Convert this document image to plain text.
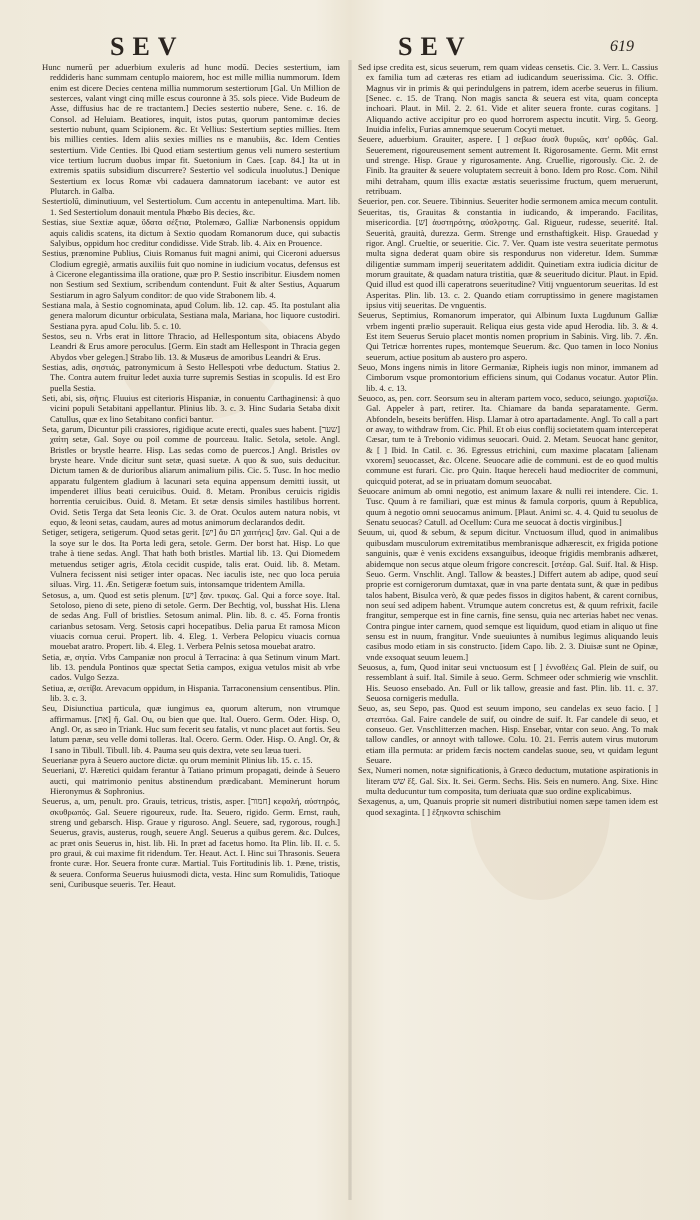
SEV	SEV	619

Hunc numerū per aduerbium exuleris ad hunc modū. Decies sestertium, iam reddideris hanc summam centuplo maiorem, hoc est mille millia nummorum. Idem enim est dicere Decies centena millia nummorum sestertiorum [Gal. Un Million de sesterces, valant vingt cinq mille escus couronne à 35. sols piece. Vide Budeum de Asse, diffusius hac de re tractantem.] Decies sestertio nubere, Sene. c. 16. de Consol. ad Heluiam. Beatiores, inquit, istos putas, quorum pantomimæ decies sestertio nubunt, quam Scipionem. &c. Et Vellius: Sestertium septies millies. Item bis millies centies. Idem aliis sexies millies ns e manubiis, &c. Idem Centies sestertium. Vide Centies. Ibi Quod etiam sestertium genus veli numero sestertium vice tertium lucrum duobus impar fit. Suetonium in Caes. [cap. 84.] Ita ut in extremis spatiis subsidium discurrere? Sestertio vel sodicula inuolutus.] Denique Sestertium ex locus Romæ vbi cadauera damnatorum iacebant: ve autor est Plutarch. in Galba.

Sestertiolū, diminutiuum, vel Sestertiolum. Cum accentu in antepenultima. Mart. lib. 1. Sed Sestertiolum donauit mentula Phœbo Bis decies, &c.

Sestias, siue Sextiæ aquæ, ὕδατα σέξτια, Ptolemæo, Galliæ Narbonensis oppidum aquis calidis scatens, ita dictum à Sextio quodam Romanorum duce, qui subactis Salyibus, oppidum hoc creditur condidisse. Vide Strab. lib. 4. Aix en Prouence.

Sestius, prænomine Publius, Ciuis Romanus fuit magni animi, qui Ciceroni aduersus Clodium egregiè, armatis auxiliis fuit quo nomine in iudicium vocatus, defensus est à Cicerone elegantissima illa oratione, quæ pro P. Sestio inscribitur. Eiusdem nomen non Sestium sed Sextium, scribendum contendunt. Fuit & alter Sestius, Aquarum Sestiarum in agro Salyum conditor: de quo vide Strabonem lib. 4.

Sestiana mala, à Sestio cognominata, apud Colum. lib. 12. cap. 45. Ita postulant alia genera malorum dicuntur orbiculata, Sestiana mala, Mariana, hoc liquore custodiri. Sestiana pyra. apud Colu. lib. 5. c. 10.

Sestos, seu n. Vrbs erat in littore Thracio, ad Hellespontum sita, obiacens Abydo Leandri & Erus amore peroculus. [Germ. Ein stadt am Hellespont in Thracia gegen Abydos vber gelegen.] Strabo lib. 13. & Musæus de amoribus Leandri & Erus.

Sestias, adis, σηστιάς, patronymicum à Sesto Hellespoti vrbe deductum. Statius 2. The. Contra autem fruitur ledet auxia turre supremis Sestias in scopulis. Id est Ero puella Sestia.

Seti, abi, sis, σῆτις. Fluuius est citerioris Hispaniæ, in conuentu Carthaginensi: à quo vicini populi Setabitani appellantur. Plinius lib. 3. c. 3. Hinc Sudaria Setaba dixit Catullus, quæ ex lino Setabitano confici bantur.

Seta, garum, Dicuntur pili crassiores, rigidique acute erecti, quales sues habent. [שער] χαίτη setæ, Gal. Soye ou poil comme de pourceau. Italic. Setola, setole. Angl. Bristles or brystle hearre. Hisp. Las sedas como de puercos.] Angl. Bristles ov bryste heare. Vnde dicitur sunt setæ, quasi suetæ. A quo & suo, suis deducitur. Dictum tamen & de durioribus aliarum animalium pilis. Cic. 5. Tusc. In hoc medio apparatu fulgentem gladium à lacunari seta equina appensum demitti iussit, ut impenderet illius beati ceruicibus. Ouid. 8. Metam. Pronibus ceruicis rigidis horrentia ceruicibus. Ouid. 8. Metam. Et setæ densis similes hastilibus horrent. Ovid. Setis Terga dat Seta leonis Cic. 3. de Orat. Oculos autem natura nobis, vt equo, & leoni setas, caudam, aures ad motus animorum declarandos dedit.

Setiger, setigera, setigerum. Quod setas gerit. [יש] ἄυ הם χαιτήεις] ξαν. Gal. Qui a de la soye sur le dos. Ita Porta ledi gera, setole. Germ. Der borst hat. Hisp. Lo que trahe à tiene sedas. Angl. That hath both bristles. Martial lib. 13. Qui Diomedem metuendus setiger agris, Ætola cecidit cuspide, talis erat. Ouid. lib. 8. Metam. Vulnera fecissent nisi setiger inter opacas. Nec iaculis iste, nec quo loca peruia siluas. Virg. 11. Æn. Setigeræ foetum suis, intonsamque tridentem Amilla.

Setosus, a, um. Quod est setis plenum. [יש] ξαν. τρικας. Gal. Qui a force soye. Ital. Setoloso, pieno di sete, pieno di setole. Germ. Der Bechtig, vol, busshat His. Llena de sedas Ang. Full of bristlies. Setosum animal. Plin. lib. 8. c. 45. Forna frontis carianbus setosam. Verg. Setosis capri hocepatibus. Delia parua Et ramosa Micon viuacis cornua cerui. Propert. lib. 4. Eleg. 1. Verbera Pelopicu viuacis cornua mouebat aratro. Propert. lib. 4. Eleg. 1. Verbera Pelnis setosa mouebat aratro.

Setia, æ, σητία. Vrbs Campaniæ non procul à Terracina: à qua Setinum vinum Mart. lib. 13. pendula Pontinos quæ spectat Setia campos, exigua vetulos misit ab vrbe cados. Vulgo Sezza.

Setiua, æ, σετίβα. Arevacum oppidum, in Hispania. Tarraconensium censentibus. Plin. lib. 3. c. 3.

Seu, Disiunctiua particula, quæ iungimus ea, quorum alterum, non vtrumque affirmamus. [את] ἤ. Gal. Ou, ou bien que que. Ital. Ouero. Germ. Oder. Hisp. O, Angl. Or, as sæo in Triank. Huc sum fecerit seu fatalis, vt nunc placet aut fortis. Seu latum pænæ, seu velle domi tolleras. Ital. Ocero. Germ. Oder. Hisp. O. Angl. Or, & I sano in Tibull. Tibull. lib. 4. Pauma seu quis dextra, vete seu læua tueri.

Seuerianæ pyra à Seuero auctore dictæ. qu orum meminit Plinius lib. 15. c. 15.

Seueriani, שׁ. Hæretici quidam ferantur à Tatiano primum propagati, deinde à Seuero aucti, qui matrimonio penitus abstinendum prædicabant. Meminerunt horum Hieronymus & Sophronius.

Seuerus, a, um, penult. pro. Grauis, tetricus, tristis, asper. [חמור] κεφαλή, αὐστηρός, σκυθρωπός. Gal. Seuere rigoureux, rude. Ita. Seuero, rigido. Germ. Ernst, rauh, streng und gebarsch. Hisp. Graue y riguroso. Angl. Seuere, sad, rygorous, rough.] Seuerus, gravis, austerus, rough, seuere Angl. Seuerus a quibus gerem. &c. Dulces, ac præt onis Seuerus in, hist. lib. Hi. In præt ad facetus homo. Ita Plin. lib. II. c. 5. pro graui, & cui maxime fit ridendum. Ter. Heaut. Act. I. Hinc sui Thrasonis. Seuera fronte curæ. Hor. Seuera fronte curæ. Martial. Tuis Fortitudinis lib. 1. Pæne, tristis, & seuera. Conforma Seuerus huiusmodi dicta, vesta. Hinc sum Romulidis, Tatioque seni, Curibusque seueris. Ter. Heaut.

Sed ipse credita est, sicus seuerum, rem quam videas censetis. Cic. 3. Verr. L. Cassius ex familia tum ad cæteras res etiam ad iudicandum seuerissima. Cic. 3. Offic. Magnus vir in primis & qui perindulgens in patrem, idem acerbe seuerus in filium. [Senec. c. 15. de Tranq. Non magis sancta & seuera est vita, quam concepta inchoari. Plaut. in Mil. 2. 2. 61. Vide et aliter seuera fronte. curas cogitans. ] Aliquando active accipitur pro eo quod horrorem aspectu incutit. Virg. 5. Georg. Inuidia infelix, Furias amnemque seuerum Cocyti metuet.

Seuere, aduerbium. Grauiter, aspere. [ ] σεβωσ ἀυσλ θυριῶς, κατ' ορθῶς. Gal. Seuerement, rigoureusement sement autrement It. Rigorosamente. Germ. Mit ernst und strenge. Hisp. Graue y rigurosamente. Ang. Cruellie, rigorously. Cic. 2. de Finib. Ita grauiter & seuere voluptatem secreuit à bono. Idem pro Rosc. Com. Nihil mihi detraham, quum illis exactæ æstatis seuerissime fructum, quem meruerunt, retribuam.

Seuerior, pen. cor. Seuere. Tibinnius. Seueriter hodie sermonem amica mecum contulit.

Seueritas, tis, Grauitas & constantia in iudicando, & imperando. Facilitas, misericordia. [שׁ] ἀυστηρότης, αὐσλροτης. Gal. Rigueur, rudesse, seuerité. Ital. Seuerità, grauità, durezza. Germ. Strenge und ernsthaftigkeit. Hisp. Grauedad y rigor. Angl. Crueltie, or seueritie. Cic. 7. Ver. Quam iste vestra seueritate permotus multa signa dederat quam obire sis respondurus non videretur. Idem. Summæ diligentiæ summam imperij seueritatem addidit. Quinetiam extra iudicia dicitur de morum grauitate, & quadam natura tristitia, quæ & seueritudo dicitur. Plaut. in Epid. Quid illud est quod illi caperatrons seueritudine? Vitij vnguentorum seueritas. Id est Asperitas. Plin. lib. 13. c. 2. Quando etiam corruptissimo in genere magistamen ipsius vitij seueritas. De vnguentis.

Seuerus, Septimius, Romanorum imperator, qui Albinum Iuxta Lugdunum Galliæ vrbem ingenti prælio superauit. Reliqua eius gesta vide apud Herodia. lib. 3. & 4. Est item Seuerus Seruio placet montis nomen proprium in Sabinis. Virg. lib. 7. Æn. Qui Tetricæ horrentes rupes, montemque Seuerum. &c. Quo tamen in loco Nonius seuerum, actiue positum ab austero pro aspero.

Seuo, Mons ingens nimis in litore Germaniæ, Ripheis iugis non minor, immanem ad Cimborum vsque promontorium efficiens sinum, qui Codanus vocatur. Autor Plin. lib. 4. c. 13.

Seuoco, as, pen. corr. Seorsum seu in alteram partem voco, seduco, seiungo. χωρισίζω. Gal. Appeler à part, retirer. Ita. Chiamare da banda separatamente. Germ. Abfondeln, beseits berüffen. Hisp. Llamar à otro apartadamente. Angl. To call a part or away, to withdraw from. Cic. Phil. Et ob eius conflij societatem quam interceperat Cæsar, tum te à Trebonio vidimus seuocari. Ouid. 2. Metam. Seuocat hanc genitor, & [ ] Ibid. In Catil. c. 36. Egressus etrichini, cum maxime placatam [alienam vxorem] seuocasset, &c. Olcene. Seuocare adie de communi. est de eo quod multis commune est furari. Cic. pro Quin. Itaque hereceli haud mediocriter de communi, quicquid poterat, ad se in priuatam domum seuocabat.

Seuocare animum ab omni negotio, est animum laxare & nulli rei intendere. Cic. 1. Tusc. Quum à re familiari, quæ est minus & famula corporis, quum à Republica, quum à negotio omni seuocamus animum. [Plaut. Animi sc. 4. 4. Quid tu seuolus de Senatu seuocas? Catull. ad Ocellum: Cura me seuocat à doctis virginibus.]

Seuum, ui, quod & sebum, & sepum dicitur. Vnctuosum illud, quod in animalibus quibusdam musculorum extremitatibus membranisque adhærescit, ex frigida potione sanguinis, quæ è venis excidens exsanguibus, ideoque frigidis membranis adhæret, abidemque non secus atque oleum frigore concrescit. [στέαρ. Gal. Suif. Ital. & Hisp. Seuo. Germ. Vnschlit. Angl. Tallow & beastes.] Differt autem ab adipe, quod seuí proprie est cornigerorum dumtaxat, quæ in vna parte dentata sunt, & quæ in pedibus talos habent, Bisulca verò, & quæ pedes fissos in digitos habent, & carent cornibus, non seuí sed adipem habent. Vtrumque autem concretus est, & quum refrixit, facile frangitur, semperque est in fine carnis, fine sensu, quia nec arterias habet nec venas. Contra pingue inter carnem, quod semque est liquidum, quod etiam in aliquo ut fine sensu est in nuum, frangitur. Vnde sueuiuntes à numibus legimus aliquando leuis casibus modo etiam in sis constructo. [idem Capo. lib. 2. 3. Diuisæ sunt ne Opinæ, vnde exsoquat seuum leuem.]

Seuosus, a, fum, Quod initar seui vnctuosum est [ ] ἐννοθέεις Gal. Plein de suif, ou ressemblant à suif. Ital. Simile à seuo. Germ. Schmeer oder schmierig wie vnschlit. His. Seuoso ensebado. An. Full or lik tallow, greasie and fast. Plin. lib. 11. c. 37. Seuosa cornigeris medulla.

Seuo, as, seu Sepo, pas. Quod est seuum impono, seu candelas ex seuo facio. [ ] στεατόω. Gal. Faire candele de suif, ou oindre de suif. It. Far candele di seuo, et conseuo. Ger. Vnschlitterzen machen. Hisp. Ensebar, vntar con seuo. Ang. To mak tallow candles, or annoyt with tallowe. Colu. 10. 21. Ferris autem virus mutorum etiam illa permuta: ar pridem fæcis noctem candelas suoue, seu, vt quidam legunt Seuare.

Sex, Numeri nomen, notæ significationis, à Græco deductum, mutatione aspirationis in literam שׁשׁ ἕξ. Gal. Six. It. Sei. Germ. Sechs. His. Seis en numero. Ang. Sixe. Hinc multa deducuntur tum composita, tum deriuata quæ suo ordine explicabimus.

Sexagenus, a, um, Quanuis proprie sit numeri distributiui nomen sæpe tamen idem est quod sexaginta. [ ] ἑξηκοντα schischim
